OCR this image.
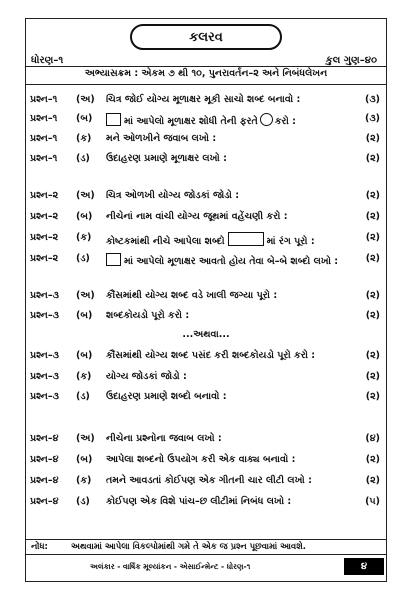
કલરવ
ધોરણ–૧	કુલ ગુણ–૪૦
અભ્યાસક્રમ : એકમ ૭ થી ૧૦, પુનરાવર્તન–૨ અને નિબંધલેખન
પ્રશ્ન–૧ (અ) ચિત્ર જોઈ યોગ્ય મૂળાક્ષર મૂકી સાચો શબ્દ બનાવો :	(૩)
પ્રશ્ન–૧ (બ)	માં આપેલો મૂળાક્ષર શોધી તેની ફરતે કરો :	(૩)
પ્રશ્ન–૧ (ક) મને ઓળખીને જવાબ લખો :	(૨)
પ્રશ્ન–૧ (ડ) ઉદાહરણ પ્રમાણે મૂળાક્ષર લખો :	(૨)
પ્રશ્ન–૨ (અ) ચિત્ર ઓળખી યોગ્ય જોડકાં જોડો :	(૨)
પ્રશ્ન–૨ (બ) નીચેનાં નામ વાંચી યોગ્ય જૂથમાં વહેંચણી કરો :	(૨)
પ્રશ્ન–૨ (ક) કોષ્ટકમાંથી નીચે આપેલા શબ્દો	માં રંગ પૂરો :	(૨)
પ્રશ્ન–૨ (ડ)	માં આપેલો મૂળાક્ષર આવતો હોય તેવા બે–બે શબ્દો લખો :	(૨)
પ્રશ્ન–૩ (અ) કૌંસમાંથી યોગ્ય શબ્દ વડે ખાલી જગ્યા પૂરો :	(૨)
પ્રશ્ન–૩ (બ) શબ્દકોયડો પૂરો કરો :	(૨)
...અથવા...
પ્રશ્ન–૩ (બ) કૌંસમાંથી યોગ્ય શબ્દ પસંદ કરી શબ્દકોયડો પૂરો કરો :	(૨)
પ્રશ્ન–૩ (ક) યોગ્ય જોડકાં જોડો :	(૨)
પ્રશ્ન–૩ (ડ) ઉદાહરણ પ્રમાણે શબ્દો બનાવો :	(૨)
પ્રશ્ન–૪ (અ) નીચેના પ્રશ્નોના જવાબ લખો :	(૪)
પ્રશ્ન–૪ (બ) આપેલા શબ્દનો ઉપયોગ કરી એક વાક્ય બનાવો :	(૨)
પ્રશ્ન–૪ (ક) તમને આવડતાં કોઈપણ એક ગીતની ચાર લીટી લખો :	(૨)
પ્રશ્ન–૪ (ડ) કોઈપણ એક વિશે પાંચ–છ લીટીમાં નિબંધ લખો :	(૫)
નોંધ:	અથવામાં આપેલા વિકલ્પોમાંથી ગમે તે એક જ પ્રશ્ન પૂછવામાં આવશે.
અલંકાર - વાર્ષિક મૂલ્યાંકન - એસાઈન્મેન્ટ - ધોરણ-૧	૪
